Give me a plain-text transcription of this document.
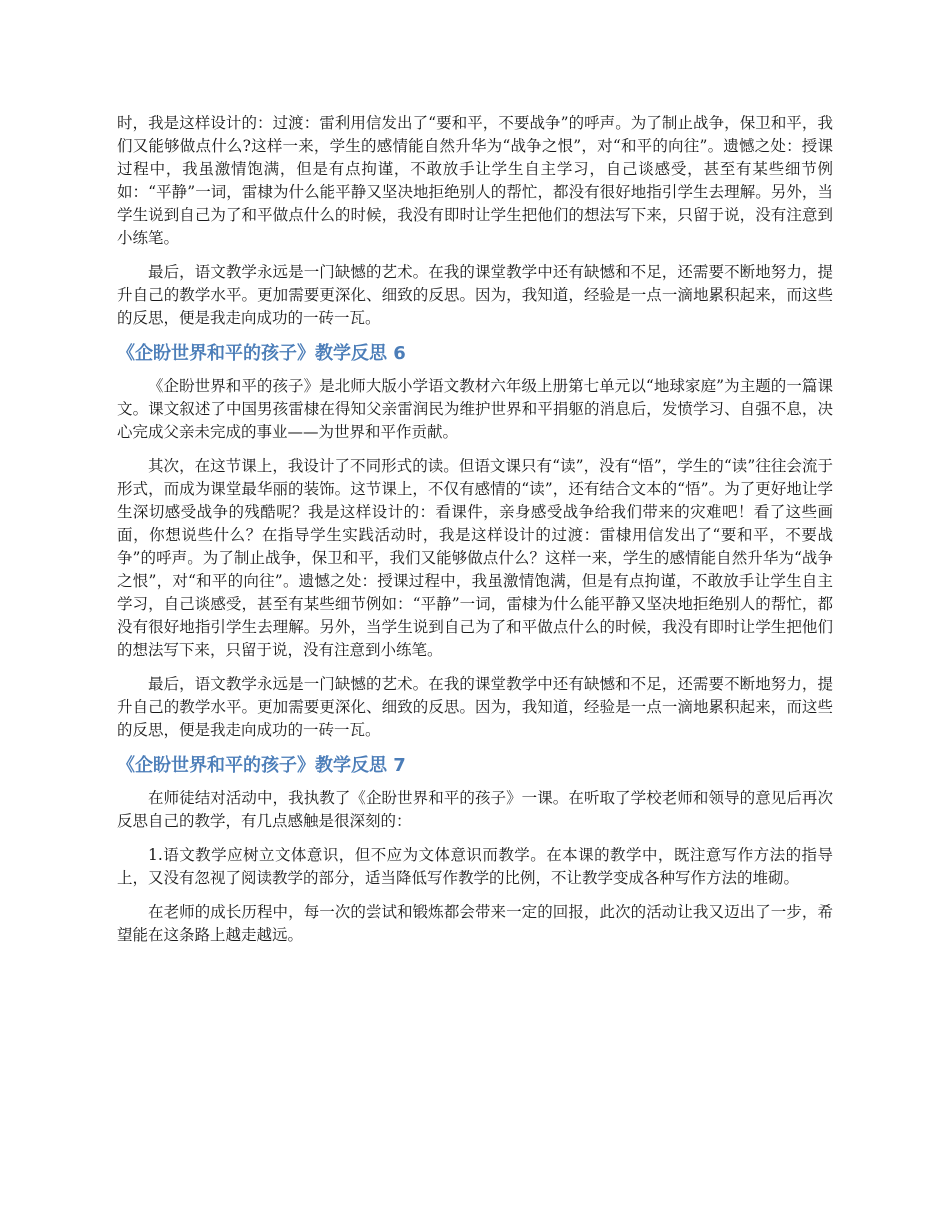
时，我是这样设计的：过渡：雷利用信发出了“要和平，不要战争”的呼声。为了制止战争，保卫和平，我们又能够做点什么?这样一来，学生的感情能自然升华为“战争之恨”，对“和平的向往”。遗憾之处：授课过程中，我虽激情饱满，但是有点拘谨，不敢放手让学生自主学习，自己谈感受，甚至有某些细节例如：“平静”一词，雷棣为什么能平静又坚决地拒绝别人的帮忙，都没有很好地指引学生去理解。另外，当学生说到自己为了和平做点什么的时候，我没有即时让学生把他们的想法写下来，只留于说，没有注意到小练笔。

最后，语文教学永远是一门缺憾的艺术。在我的课堂教学中还有缺憾和不足，还需要不断地努力，提升自己的教学水平。更加需要更深化、细致的反思。因为，我知道，经验是一点一滴地累积起来，而这些的反思，便是我走向成功的一砖一瓦。

《企盼世界和平的孩子》教学反思 6

《企盼世界和平的孩子》是北师大版小学语文教材六年级上册第七单元以“地球家庭”为主题的一篇课文。课文叙述了中国男孩雷棣在得知父亲雷润民为维护世界和平捐躯的消息后，发愤学习、自强不息，决心完成父亲未完成的事业——为世界和平作贡献。

其次，在这节课上，我设计了不同形式的读。但语文课只有“读”，没有“悟”，学生的“读”往往会流于形式，而成为课堂最华丽的装饰。这节课上，不仅有感情的“读”，还有结合文本的“悟”。为了更好地让学生深切感受战争的残酷呢？我是这样设计的：看课件，亲身感受战争给我们带来的灾难吧！看了这些画面，你想说些什么？在指导学生实践活动时，我是这样设计的过渡：雷棣用信发出了“要和平，不要战争”的呼声。为了制止战争，保卫和平，我们又能够做点什么？这样一来，学生的感情能自然升华为“战争之恨”，对“和平的向往”。遗憾之处：授课过程中，我虽激情饱满，但是有点拘谨，不敢放手让学生自主学习，自己谈感受，甚至有某些细节例如：“平静”一词，雷棣为什么能平静又坚决地拒绝别人的帮忙，都没有很好地指引学生去理解。另外，当学生说到自己为了和平做点什么的时候，我没有即时让学生把他们的想法写下来，只留于说，没有注意到小练笔。

最后，语文教学永远是一门缺憾的艺术。在我的课堂教学中还有缺憾和不足，还需要不断地努力，提升自己的教学水平。更加需要更深化、细致的反思。因为，我知道，经验是一点一滴地累积起来，而这些的反思，便是我走向成功的一砖一瓦。

《企盼世界和平的孩子》教学反思 7

在师徒结对活动中，我执教了《企盼世界和平的孩子》一课。在听取了学校老师和领导的意见后再次反思自己的教学，有几点感触是很深刻的：

1.语文教学应树立文体意识，但不应为文体意识而教学。在本课的教学中，既注意写作方法的指导上，又没有忽视了阅读教学的部分，适当降低写作教学的比例，不让教学变成各种写作方法的堆砌。

在老师的成长历程中，每一次的尝试和锻炼都会带来一定的回报，此次的活动让我又迈出了一步，希望能在这条路上越走越远。
